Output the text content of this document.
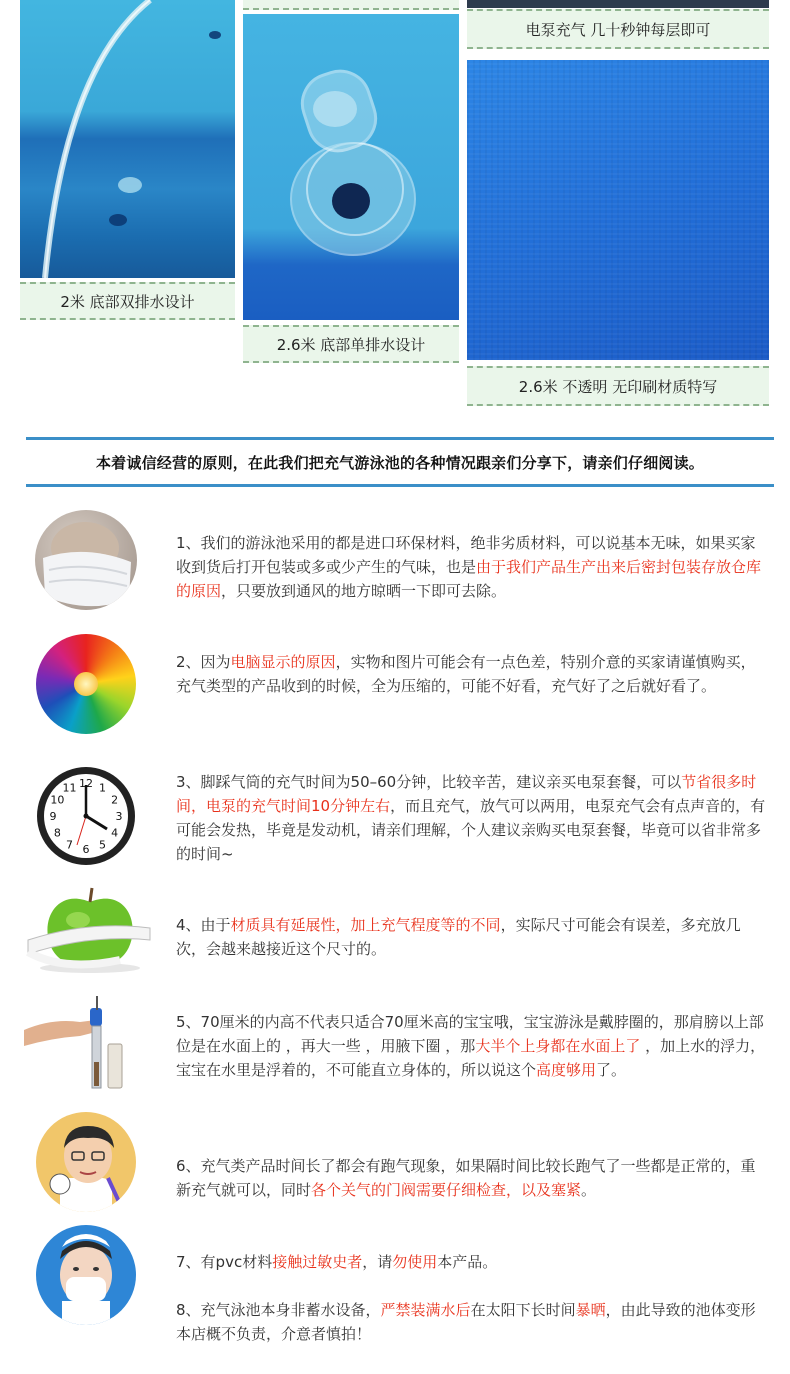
2米 底部双排水设计
2.6米 底部单排水设计
电泵充气 几十秒钟每层即可
2.6米 不透明 无印刷材质特写
本着诚信经营的原则，在此我们把充气游泳池的各种情况跟亲们分享下，请亲们仔细阅读。
12 1
2
3
4
5
6
7
8
9
10
11
1、我们的游泳池采用的都是进口环保材料，绝非劣质材料，可以说基本无味，如果买家收到货后打开包装或多或少产生的气味，也是由于我们产品生产出来后密封包装存放仓库的原因，只要放到通风的地方晾晒一下即可去除。
2、因为电脑显示的原因，实物和图片可能会有一点色差，特别介意的买家请谨慎购买，充气类型的产品收到的时候，全为压缩的，可能不好看，充气好了之后就好看了。
3、脚踩气筒的充气时间为50–60分钟，比较辛苦，建议亲买电泵套餐，可以节省很多时间，电泵的充气时间10分钟左右，而且充气，放气可以两用，电泵充气会有点声音的，有可能会发热，毕竟是发动机，请亲们理解，个人建议亲购买电泵套餐，毕竟可以省非常多的时间~
4、由于材质具有延展性，加上充气程度等的不同，实际尺寸可能会有误差，多充放几次，会越来越接近这个尺寸的。
5、70厘米的内高不代表只适合70厘米高的宝宝哦，宝宝游泳是戴脖圈的，那肩膀以上部位是在水面上的 ，再大一些 ，用腋下圈 ，那大半个上身都在水面上了 ，加上水的浮力，宝宝在水里是浮着的，不可能直立身体的，所以说这个高度够用了。
6、充气类产品时间长了都会有跑气现象，如果隔时间比较长跑气了一些都是正常的，重新充气就可以，同时各个关气的门阀需要仔细检查，以及塞紧。
7、有pvc材料接触过敏史者，请勿使用本产品。
8、充气泳池本身非蓄水设备，严禁装满水后在太阳下长时间暴晒，由此导致的池体变形本店概不负责，介意者慎拍！
